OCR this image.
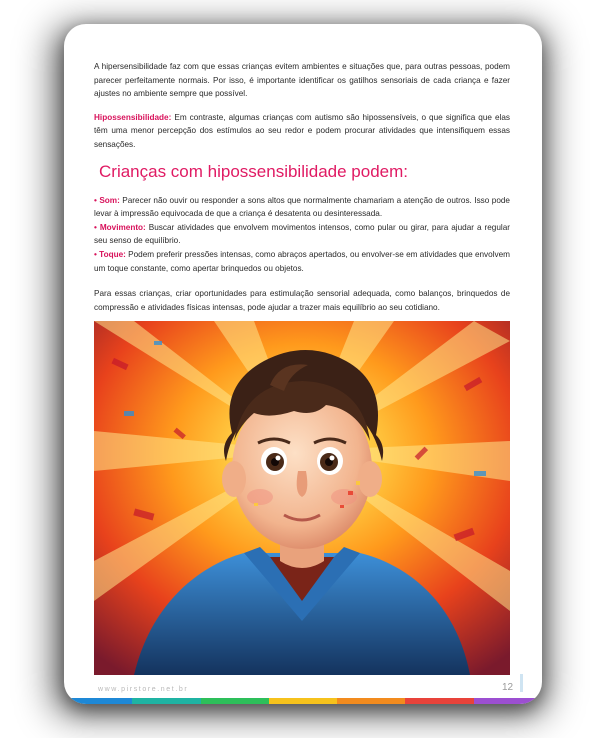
A hipersensibilidade faz com que essas crianças evitem ambientes e situações que, para outras pessoas, podem parecer perfeitamente normais. Por isso, é importante identificar os gatilhos sensoriais de cada criança e fazer ajustes no ambiente sempre que possível.

Hipossensibilidade: Em contraste, algumas crianças com autismo são hipossensíveis, o que significa que elas têm uma menor percepção dos estímulos ao seu redor e podem procurar atividades que intensifiquem essas sensações.

Crianças com hipossensibilidade podem:

• Som: Parecer não ouvir ou responder a sons altos que normalmente chamariam a atenção de outros. Isso pode levar à impressão equivocada de que a criança é desatenta ou desinteressada.

• Movimento: Buscar atividades que envolvem movimentos intensos, como pular ou girar, para ajudar a regular seu senso de equilíbrio.

• Toque: Podem preferir pressões intensas, como abraços apertados, ou envolver-se em atividades que envolvem um toque constante, como apertar brinquedos ou objetos.

Para essas crianças, criar oportunidades para estimulação sensorial adequada, como balanços, brinquedos de compressão e atividades físicas intensas, pode ajudar a trazer mais equilíbrio ao seu cotidiano.

www.pirstore.net.br	12
